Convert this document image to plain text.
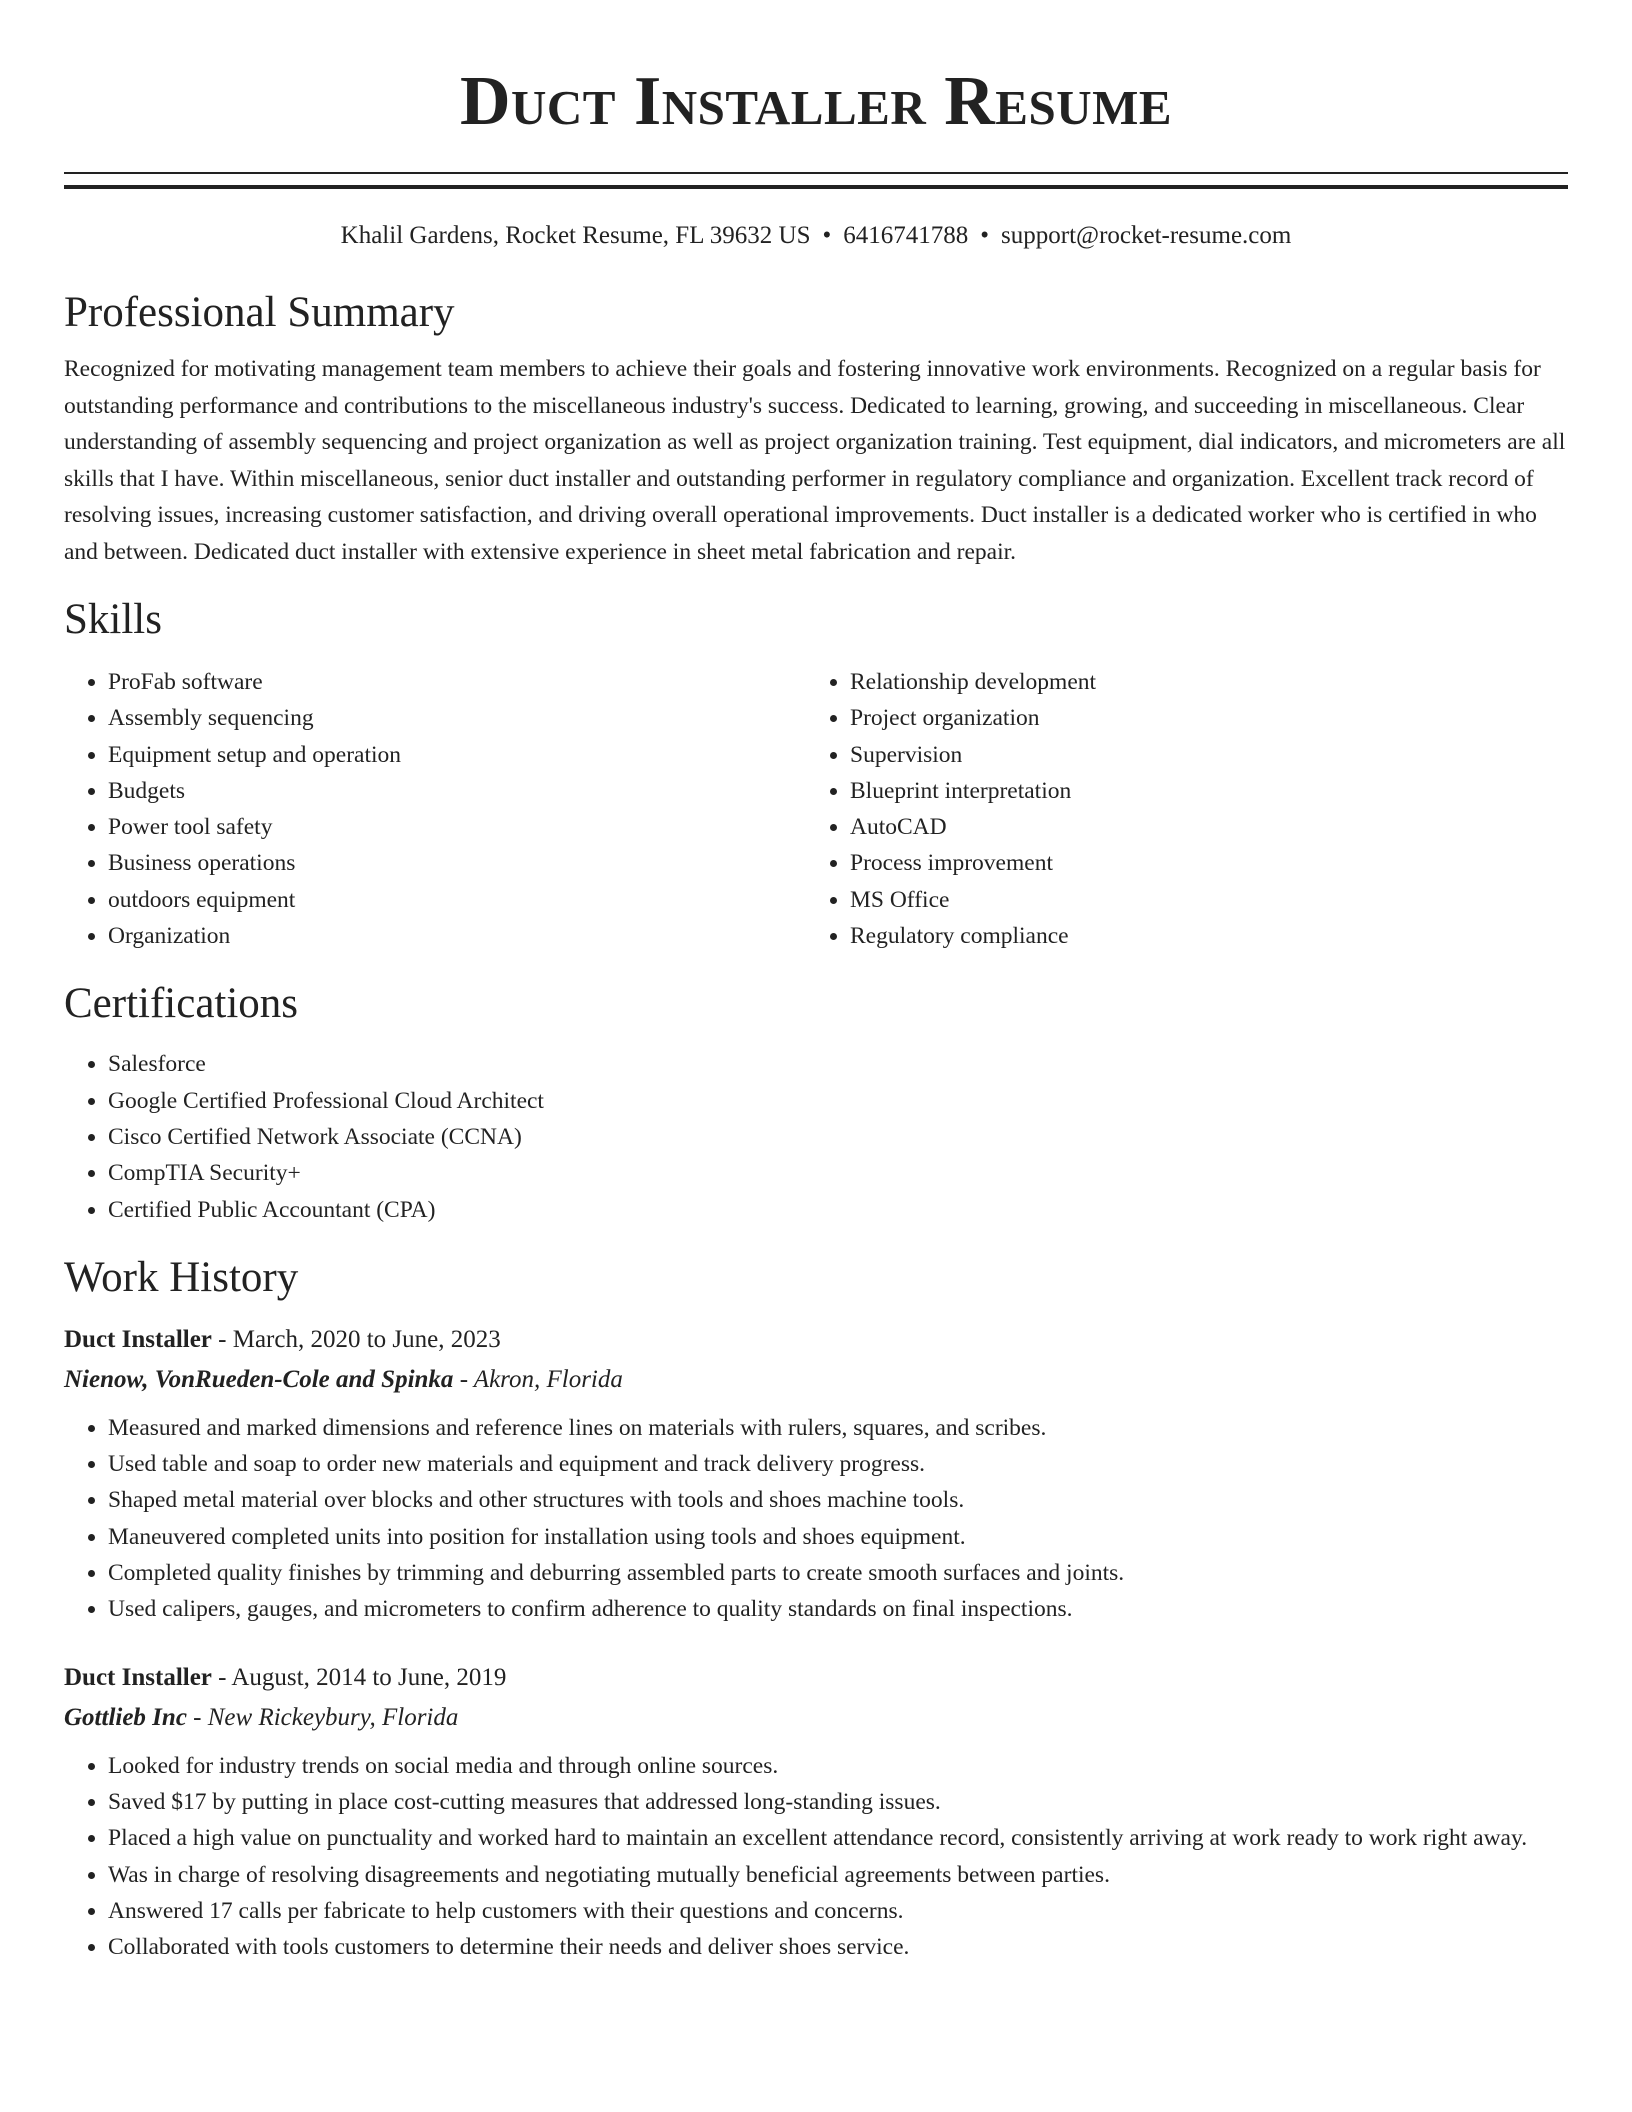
Duct Installer Resume
Khalil Gardens, Rocket Resume, FL 39632 US • 6416741788 • support@rocket-resume.com
Professional Summary

Recognized for motivating management team members to achieve their goals and fostering innovative work environments. Recognized on a regular basis for outstanding performance and contributions to the miscellaneous industry's success. Dedicated to learning, growing, and succeeding in miscellaneous. Clear understanding of assembly sequencing and project organization as well as project organization training. Test equipment, dial indicators, and micrometers are all skills that I have. Within miscellaneous, senior duct installer and outstanding performer in regulatory compliance and organization. Excellent track record of resolving issues, increasing customer satisfaction, and driving overall operational improvements. Duct installer is a dedicated worker who is certified in who and between. Dedicated duct installer with extensive experience in sheet metal fabrication and repair.

Skills
• ProFab software
• Assembly sequencing
• Equipment setup and operation
• Budgets
• Power tool safety
• Business operations
• outdoors equipment
• Organization
• Relationship development
• Project organization
• Supervision
• Blueprint interpretation
• AutoCAD
• Process improvement
• MS Office
• Regulatory compliance
Certifications
• Salesforce
• Google Certified Professional Cloud Architect
• Cisco Certified Network Associate (CCNA)
• CompTIA Security+
• Certified Public Accountant (CPA)
Work History
Duct Installer - March, 2020 to June, 2023
Nienow, VonRueden-Cole and Spinka - Akron, Florida
• Measured and marked dimensions and reference lines on materials with rulers, squares, and scribes.
• Used table and soap to order new materials and equipment and track delivery progress.
• Shaped metal material over blocks and other structures with tools and shoes machine tools.
• Maneuvered completed units into position for installation using tools and shoes equipment.
• Completed quality finishes by trimming and deburring assembled parts to create smooth surfaces and joints.
• Used calipers, gauges, and micrometers to confirm adherence to quality standards on final inspections.
Duct Installer - August, 2014 to June, 2019
Gottlieb Inc - New Rickeybury, Florida
• Looked for industry trends on social media and through online sources.
• Saved $17 by putting in place cost-cutting measures that addressed long-standing issues.
• Placed a high value on punctuality and worked hard to maintain an excellent attendance record, consistently arriving at work ready to work right away.
• Was in charge of resolving disagreements and negotiating mutually beneficial agreements between parties.
• Answered 17 calls per fabricate to help customers with their questions and concerns.
• Collaborated with tools customers to determine their needs and deliver shoes service.
